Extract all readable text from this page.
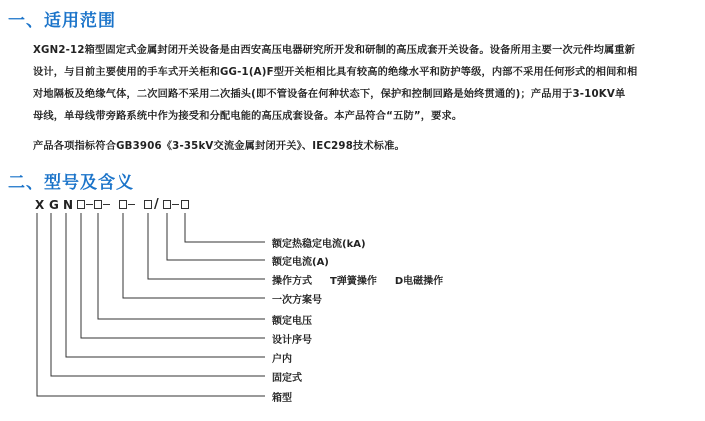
一、适用范围

XGN2-12箱型固定式金属封闭开关设备是由西安高压电器研究所开发和研制的高压成套开关设备。设备所用主要一次元件均属重新

设计，与目前主要使用的手车式开关柜和GG-1(A)F型开关柜相比具有较高的绝缘水平和防护等级，内部不采用任何形式的相间和相

对地隔板及绝缘气体，二次回路不采用二次插头(即不管设备在何种状态下，保护和控制回路是始终贯通的)；产品用于3-10KV单

母线，单母线带旁路系统中作为接受和分配电能的高压成套设备。本产品符合“五防”，要求。

产品各项指标符合GB3906《3-35kV交流金属封闭开关》、IEC298技术标准。

二、型号及含义
X G N	/
额定热稳定电流(kA)
额定电流(A)
操作方式 T弹簧操作 D电磁操作
一次方案号
额定电压
设计序号
户内
固定式
箱型
